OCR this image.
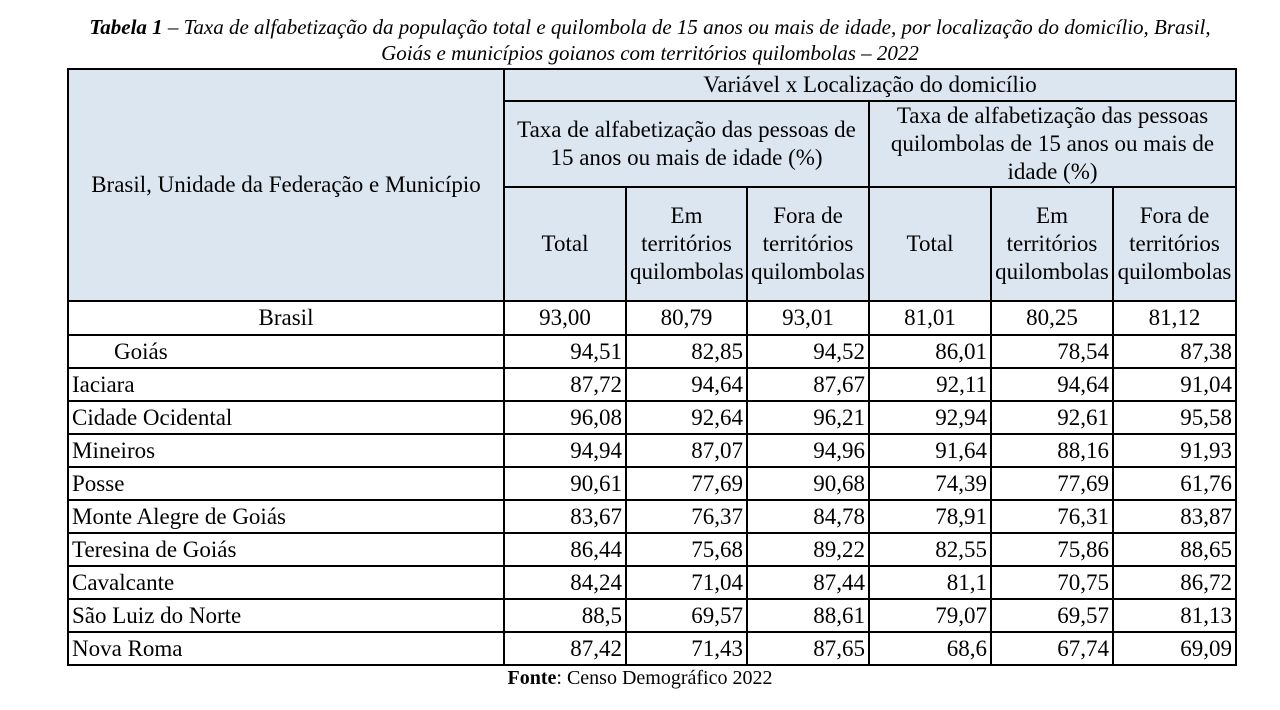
Tabela 1 – Taxa de alfabetização da população total e quilombola de 15 anos ou mais de idade, por localização do domicílio, Brasil, Goiás e municípios goianos com territórios quilombolas – 2022
Brasil, Unidade da Federação e Município	Variável x Localização do domicílio					
	Taxa de alfabetização das pessoas de 15 anos ou mais de idade (%)			Taxa de alfabetização das pessoas quilombolas de 15 anos ou mais de idade (%)		
	Total	Em territórios quilombolas	Fora de territórios quilombolas	Total	Em territórios quilombolas	Fora de territórios quilombolas
Brasil	93,00	80,79	93,01	81,01	80,25	81,12
Goiás	94,51	82,85	94,52	86,01	78,54	87,38
Iaciara	87,72	94,64	87,67	92,11	94,64	91,04
Cidade Ocidental	96,08	92,64	96,21	92,94	92,61	95,58
Mineiros	94,94	87,07	94,96	91,64	88,16	91,93
Posse	90,61	77,69	90,68	74,39	77,69	61,76
Monte Alegre de Goiás	83,67	76,37	84,78	78,91	76,31	83,87
Teresina de Goiás	86,44	75,68	89,22	82,55	75,86	88,65
Cavalcante	84,24	71,04	87,44	81,1	70,75	86,72
São Luiz do Norte	88,5	69,57	88,61	79,07	69,57	81,13
Nova Roma	87,42	71,43	87,65	68,6	67,74	69,09
Fonte: Censo Demográfico 2022
